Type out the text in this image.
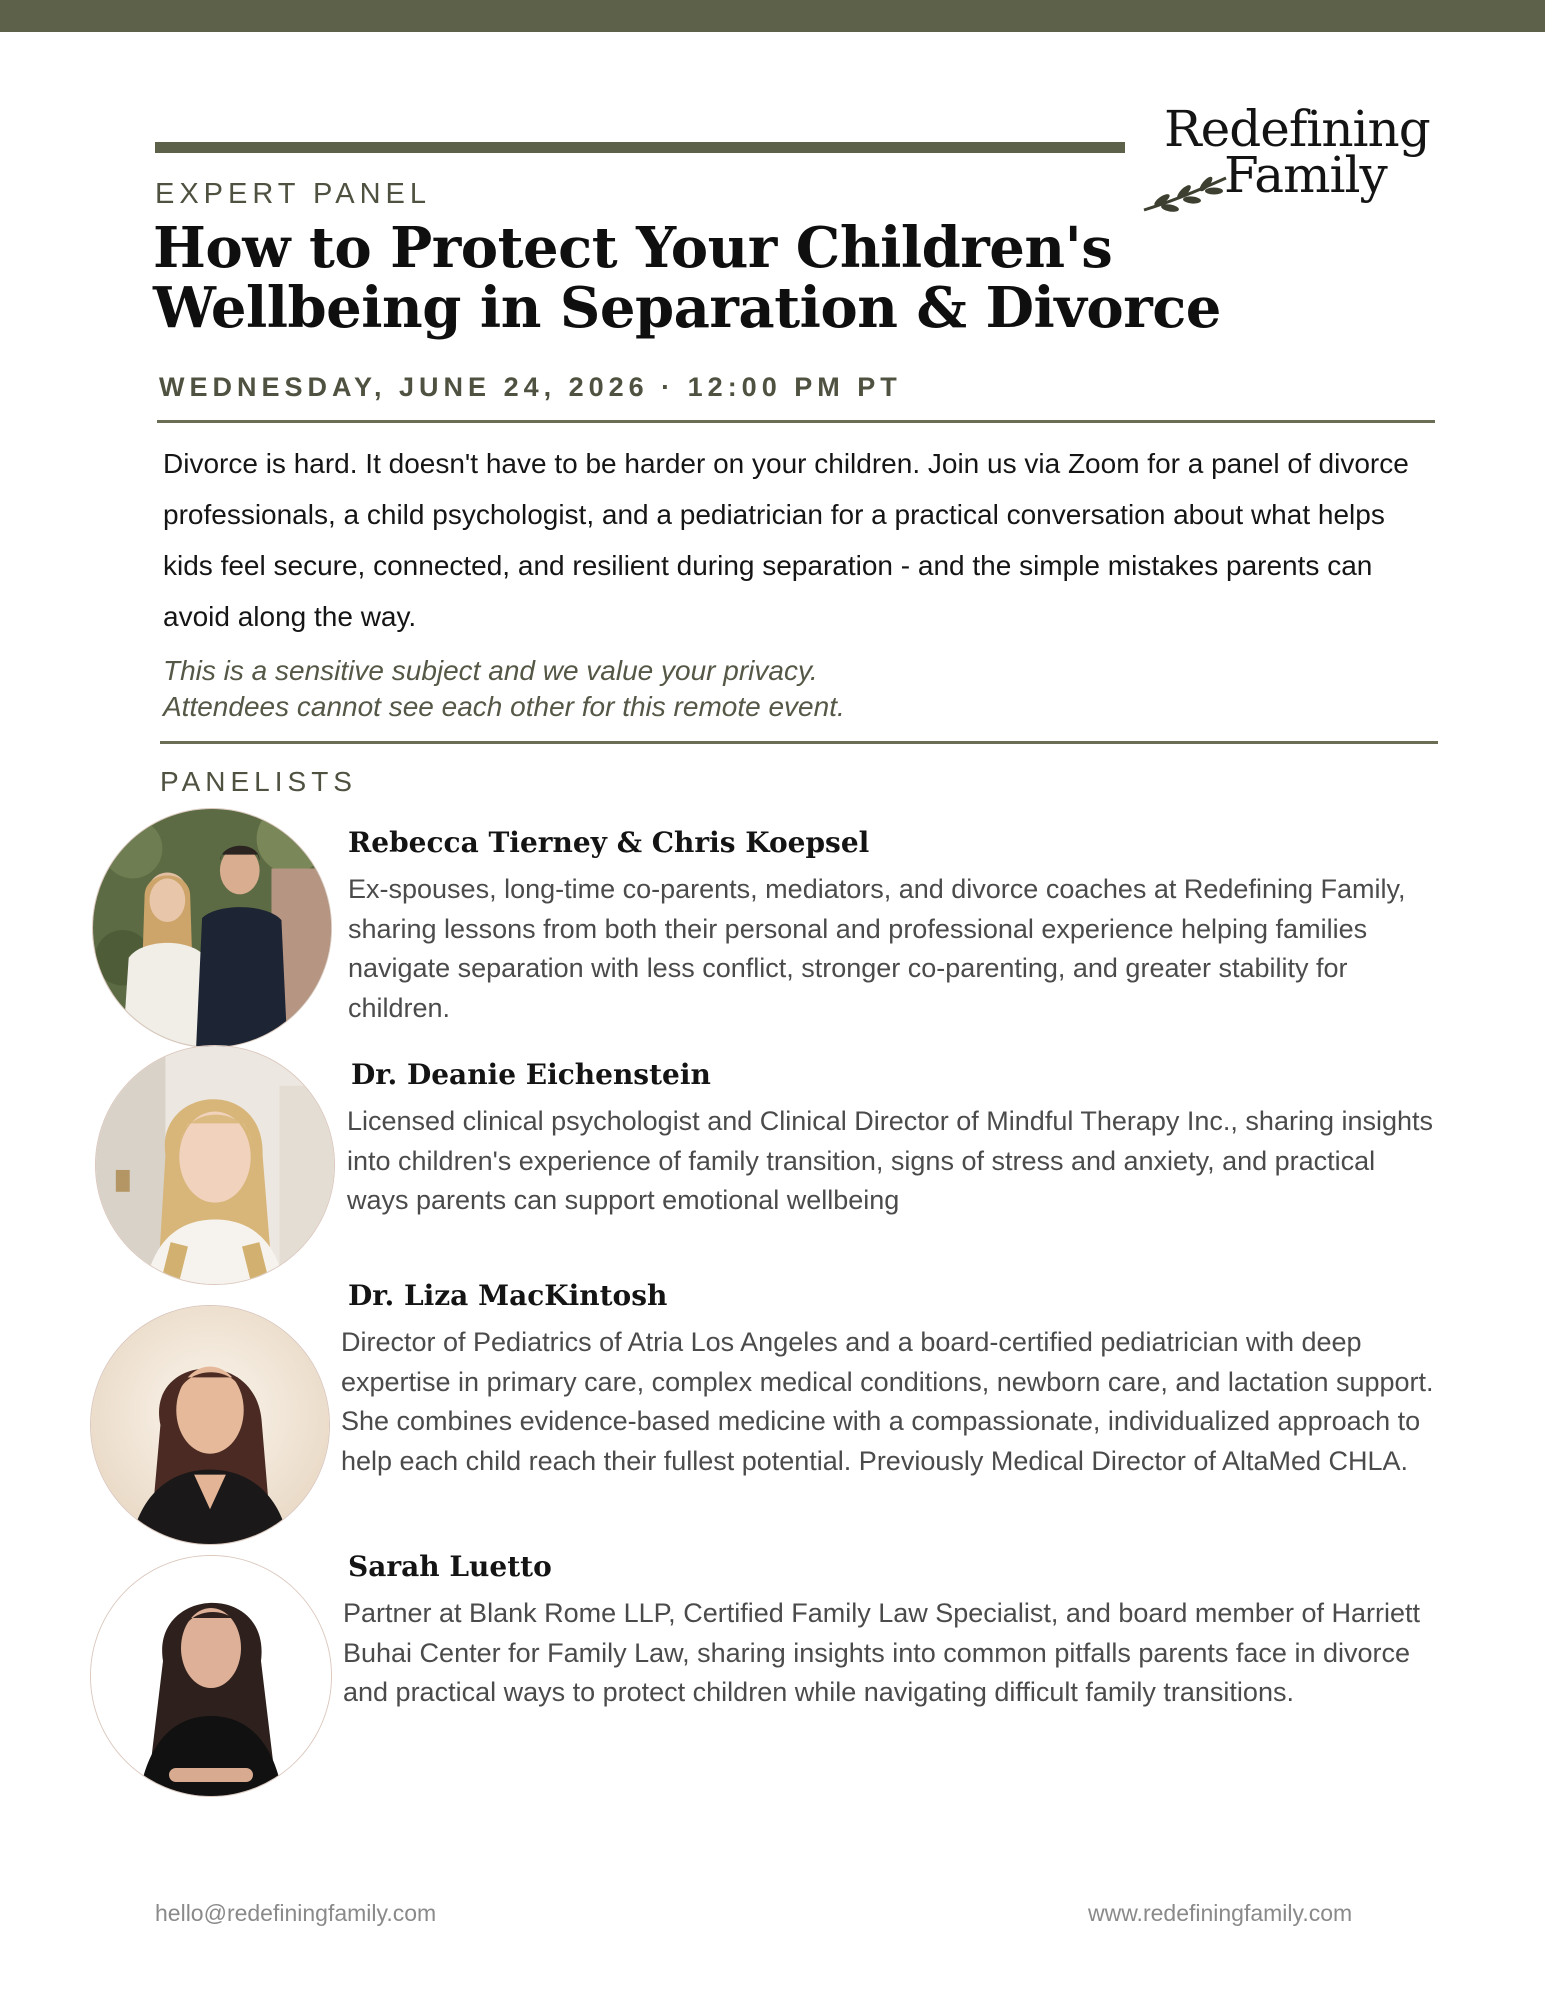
Redefining
Family
EXPERT PANEL
How to Protect Your Children's
Wellbeing in Separation & Divorce
WEDNESDAY, JUNE 24, 2026 · 12:00 PM PT
Divorce is hard. It doesn't have to be harder on your children. Join us via Zoom for a panel of divorce professionals, a child psychologist, and a pediatrician for a practical conversation about what helps kids feel secure, connected, and resilient during separation - and the simple mistakes parents can avoid along the way.
This is a sensitive subject and we value your privacy.
Attendees cannot see each other for this remote event.
PANELISTS
Rebecca Tierney & Chris Koepsel
Ex-spouses, long-time co-parents, mediators, and divorce coaches at Redefining Family, sharing lessons from both their personal and professional experience helping families navigate separation with less conflict, stronger co-parenting, and greater stability for children.
Dr. Deanie Eichenstein
Licensed clinical psychologist and Clinical Director of Mindful Therapy Inc., sharing insights into children's experience of family transition, signs of stress and anxiety, and practical ways parents can support emotional wellbeing
Dr. Liza MacKintosh
Director of Pediatrics of Atria Los Angeles and a board-certified pediatrician with deep expertise in primary care, complex medical conditions, newborn care, and lactation support. She combines evidence-based medicine with a compassionate, individualized approach to help each child reach their fullest potential. Previously Medical Director of AltaMed CHLA.
Sarah Luetto
Partner at Blank Rome LLP, Certified Family Law Specialist, and board member of Harriett Buhai Center for Family Law, sharing insights into common pitfalls parents face in divorce and practical ways to protect children while navigating difficult family transitions.
hello@redefiningfamily.com	www.redefiningfamily.com
